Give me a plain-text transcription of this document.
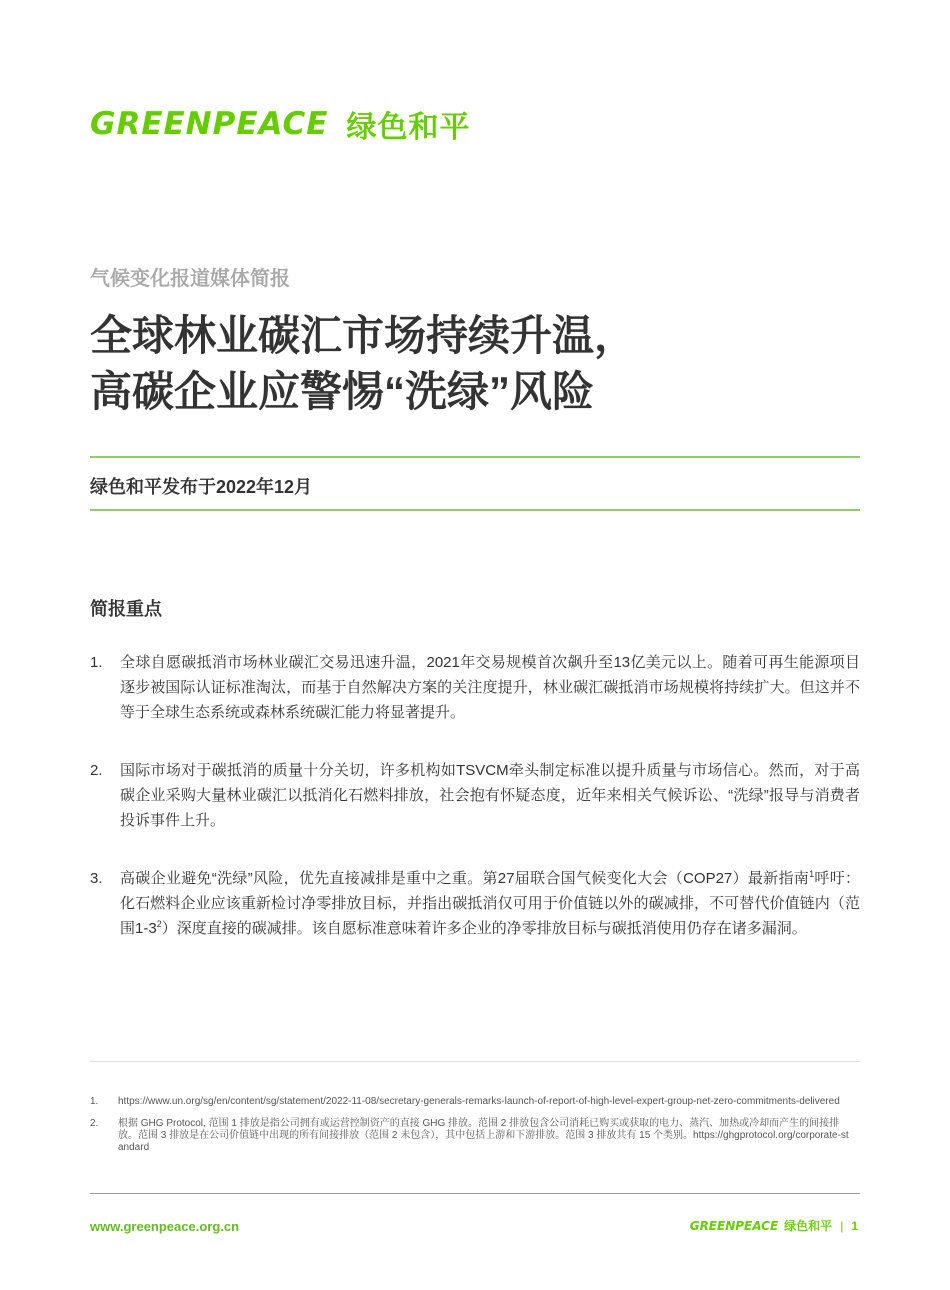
GREENPEACE 绿色和平
气候变化报道媒体简报
全球林业碳汇市场持续升温，
高碳企业应警惕“洗绿”风险
绿色和平发布于2022年12月
简报重点
1. 全球自愿碳抵消市场林业碳汇交易迅速升温，2021年交易规模首次飙升至13亿美元以上。随着可再生能源项目逐步被国际认证标准淘汰，而基于自然解决方案的关注度提升，林业碳汇碳抵消市场规模将持续扩大。但这并不等于全球生态系统或森林系统碳汇能力将显著提升。
2. 国际市场对于碳抵消的质量十分关切，许多机构如TSVCM牵头制定标准以提升质量与市场信心。然而，对于高碳企业采购大量林业碳汇以抵消化石燃料排放，社会抱有怀疑态度，近年来相关气候诉讼、“洗绿”报导与消费者投诉事件上升。
3. 高碳企业避免“洗绿”风险，优先直接减排是重中之重。第27届联合国气候变化大会（COP27）最新指南$^1$呼吁：化石燃料企业应该重新检讨净零排放目标，并指出碳抵消仅可用于价值链以外的碳减排，不可替代价值链内（范围$1-3^2$）深度直接的碳减排。该自愿标准意味着许多企业的净零排放目标与碳抵消使用仍存在诸多漏洞。
1. https://www.un.org/sg/en/content/sg/statement/2022-11-08/secretary-generals-remarks-launch-of-report-of-high-level-expert-group-net-zero-commitments-delivered
2. 根据 GHG Protocol, 范围 1 排放是指公司拥有或运营控制资产的直接 GHG 排放。范围 2 排放包含公司消耗已购买或获取的电力、蒸汽、加热或冷却而产生的间接排放。范围 3 排放是在公司价值链中出现的所有间接排放（范围 2 未包含），其中包括上游和下游排放。范围 3 排放共有 15 个类别。https://ghgprotocol.org/corporate-standard
www.greenpeace.org.cn	GREENPEACE 绿色和平 | 1
